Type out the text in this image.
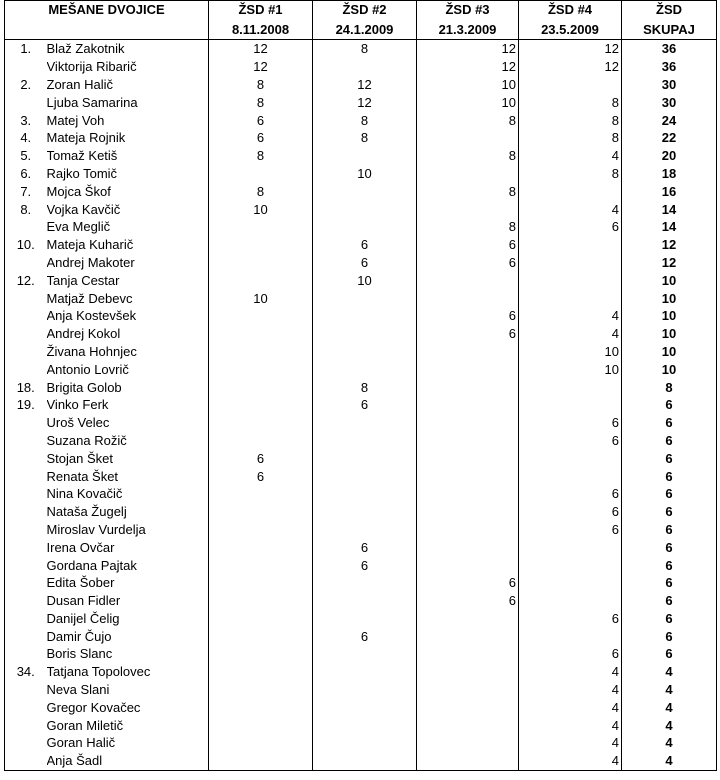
MEŠANE DVOJICE		ŽSD #1	ŽSD #2	ŽSD #3	ŽSD #4	ŽSD
		8.11.2008	24.1.2009	21.3.2009	23.5.2009	SKUPAJ
1.	Blaž Zakotnik	12	8	12	12	36
	Viktorija Ribarič	12		12	12	36
2.	Zoran Halič	8	12	10		30
	Ljuba Samarina	8	12	10	8	30
3.	Matej Voh	6	8	8	8	24
4.	Mateja Rojnik	6	8		8	22
5.	Tomaž Ketiš	8		8	4	20
6.	Rajko Tomič		10		8	18
7.	Mojca Škof	8		8		16
8.	Vojka Kavčič	10			4	14
	Eva Meglič			8	6	14
10.	Mateja Kuharič		6	6		12
	Andrej Makoter		6	6		12
12.	Tanja Cestar		10			10
	Matjaž Debevc	10				10
	Anja Kostevšek			6	4	10
	Andrej Kokol			6	4	10
	Živana Hohnjec				10	10
	Antonio Lovrič				10	10
18.	Brigita Golob		8			8
19.	Vinko Ferk		6			6
	Uroš Velec				6	6
	Suzana Rožič				6	6
	Stojan Šket	6				6
	Renata Šket	6				6
	Nina Kovačič				6	6
	Nataša Žugelj				6	6
	Miroslav Vurdelja				6	6
	Irena Ovčar		6			6
	Gordana Pajtak		6			6
	Edita Šober			6		6
	Dusan Fidler			6		6
	Danijel Čelig				6	6
	Damir Čujo		6			6
	Boris Slanc				6	6
34.	Tatjana Topolovec				4	4
	Neva Slani				4	4
	Gregor Kovačec				4	4
	Goran Miletič				4	4
	Goran Halič				4	4
	Anja Šadl				4	4
